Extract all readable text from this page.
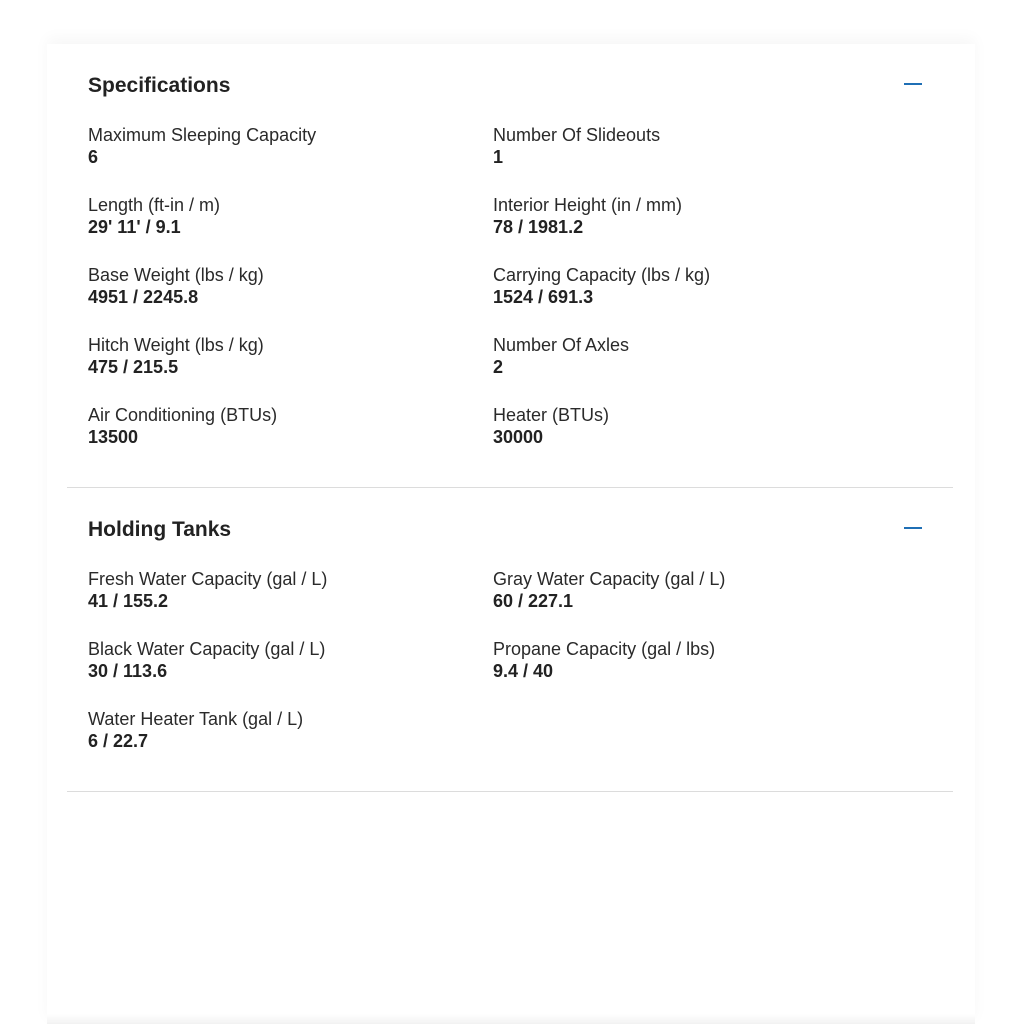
Specifications
Maximum Sleeping Capacity
6
Number Of Slideouts
1
Length (ft-in / m)
29' 11' / 9.1
Interior Height (in / mm)
78 / 1981.2
Base Weight (lbs / kg)
4951 / 2245.8
Carrying Capacity (lbs / kg)
1524 / 691.3
Hitch Weight (lbs / kg)
475 / 215.5
Number Of Axles
2
Air Conditioning (BTUs)
13500
Heater (BTUs)
30000
Holding Tanks
Fresh Water Capacity (gal / L)
41 / 155.2
Gray Water Capacity (gal / L)
60 / 227.1
Black Water Capacity (gal / L)
30 / 113.6
Propane Capacity (gal / lbs)
9.4 / 40
Water Heater Tank (gal / L)
6 / 22.7
